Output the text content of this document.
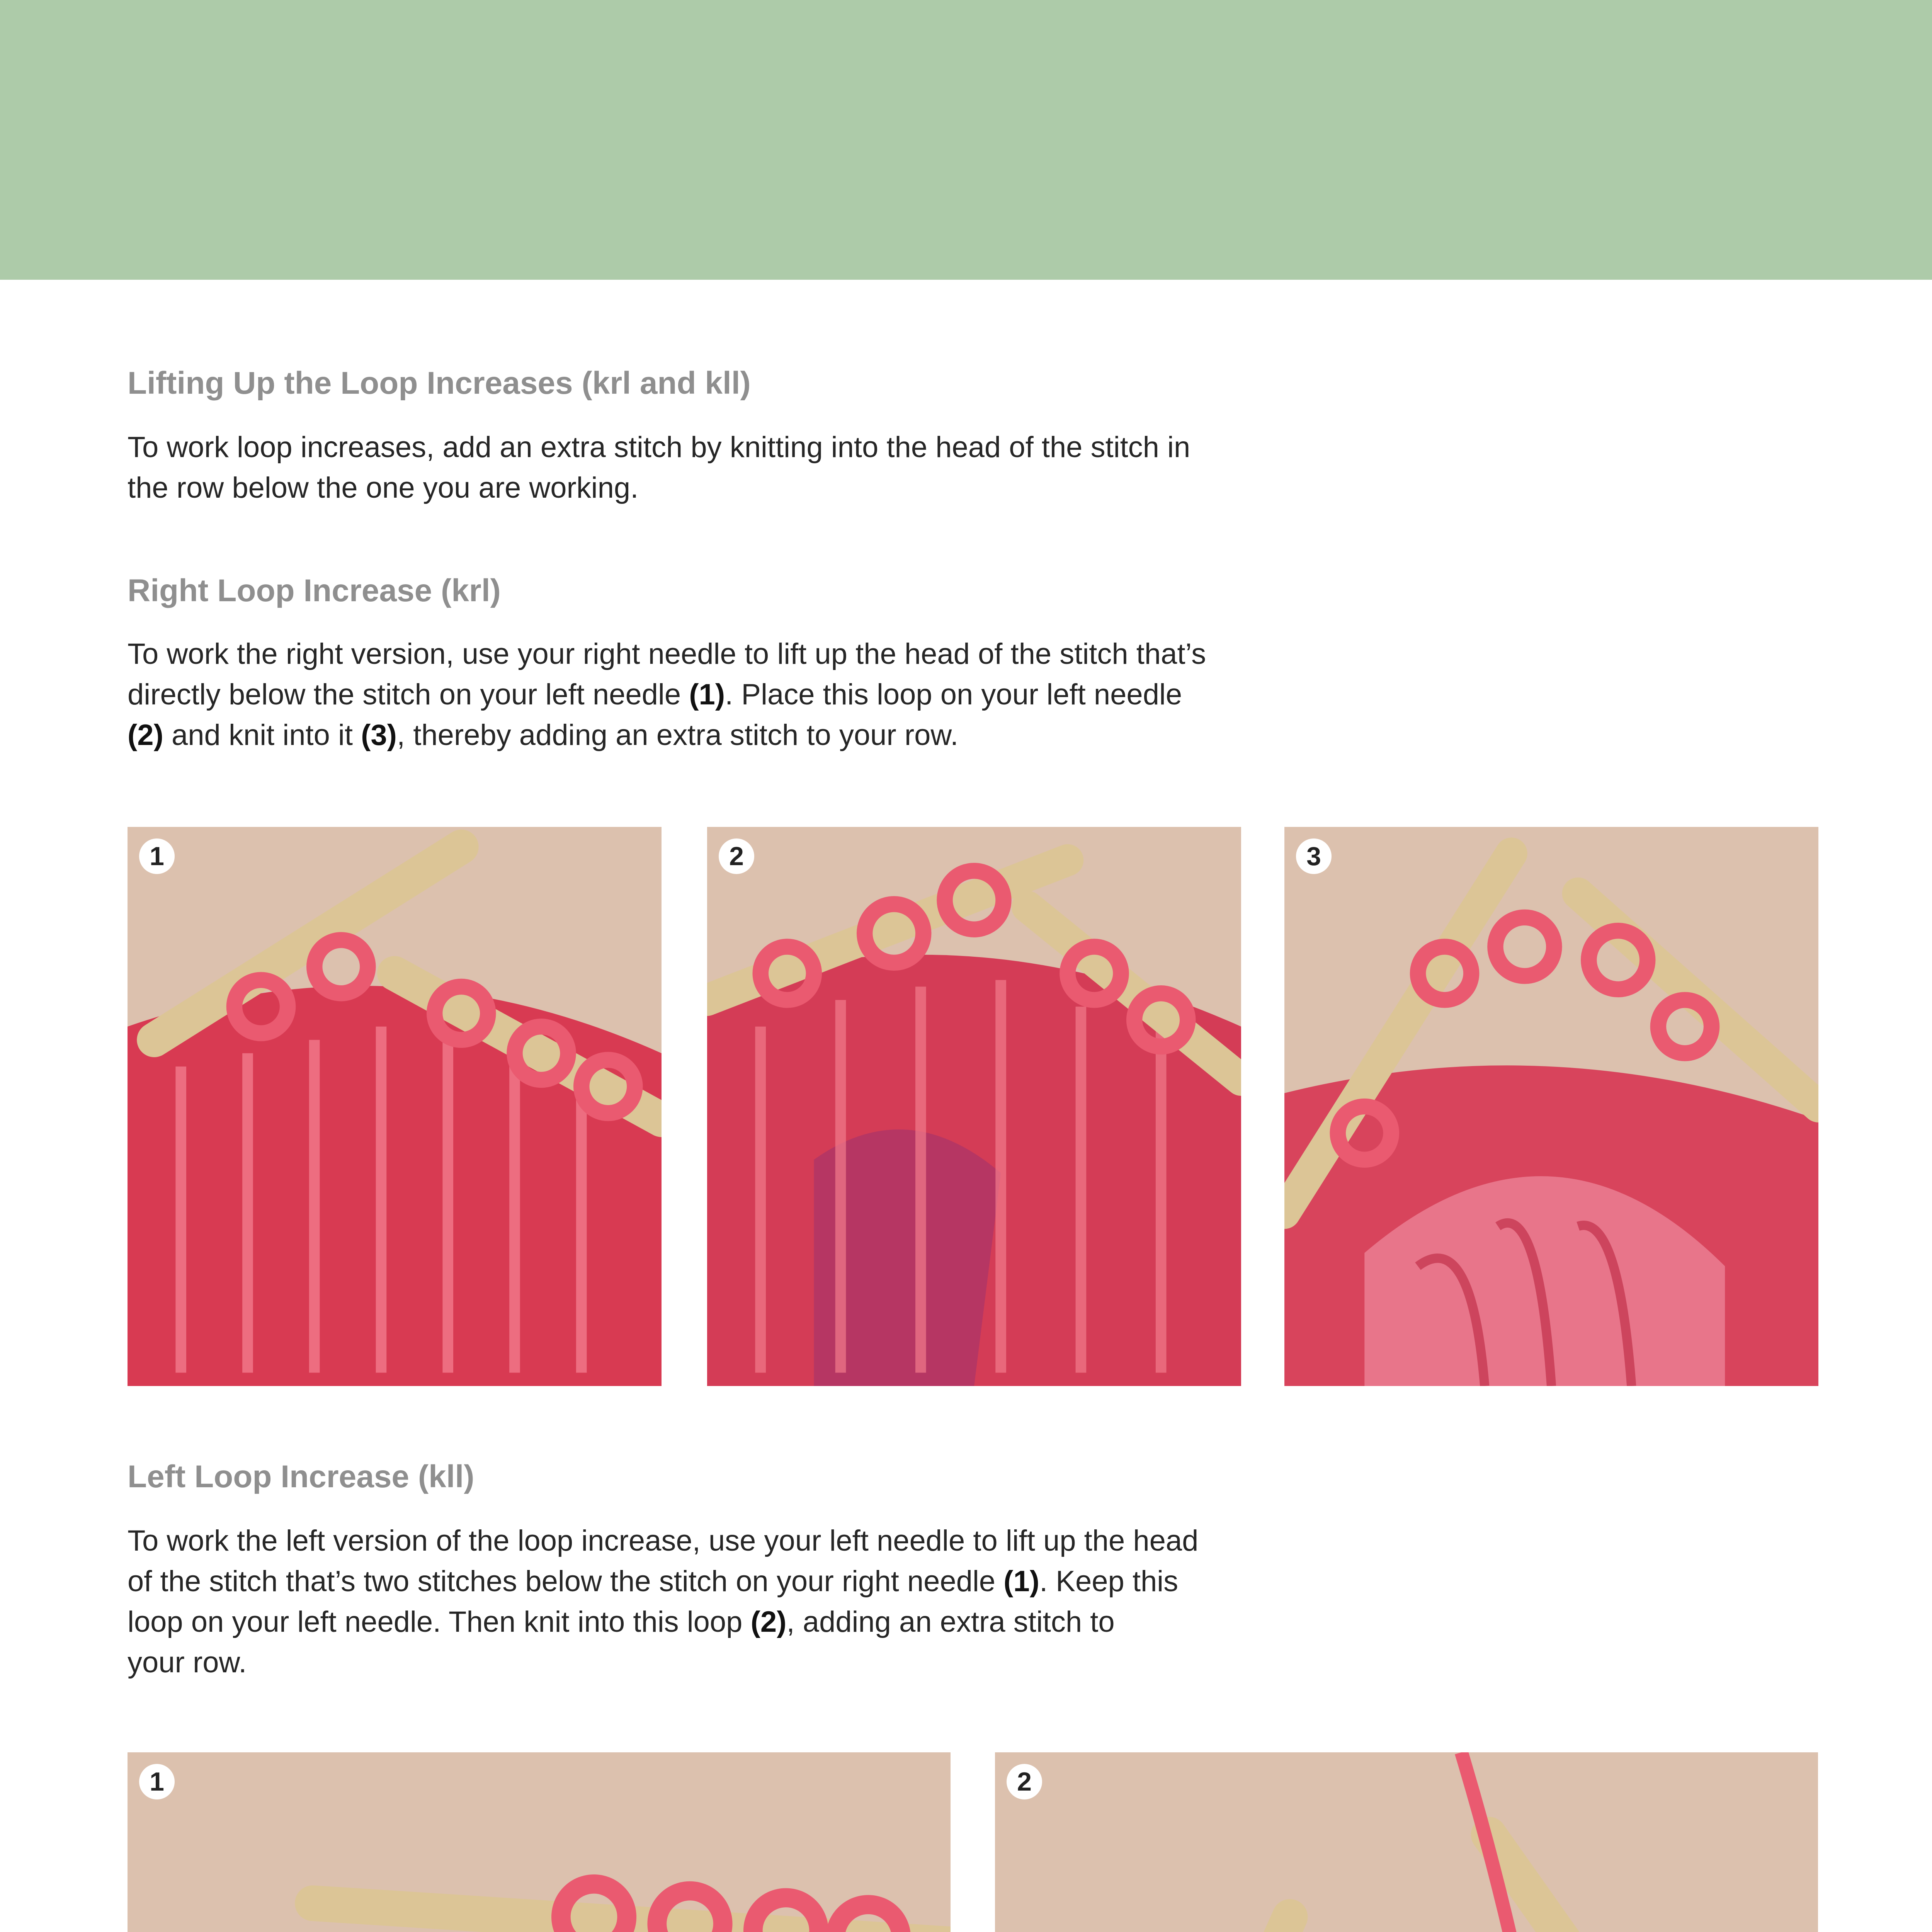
Lifting Up the Loop Increases (krl and kll)

To work loop increases, add an extra stitch by knitting into the head of the stitch in
the row below the one you are working.

Right Loop Increase (krl)

To work the right version, use your right needle to lift up the head of the stitch that’s
directly below the stitch on your left needle (1). Place this loop on your left needle
(2) and knit into it (3), thereby adding an extra stitch to your row.

1	2	3
Left Loop Increase (kll)

To work the left version of the loop increase, use your left needle to lift up the head
of the stitch that’s two stitches below the stitch on your right needle (1). Keep this
loop on your left needle. Then knit into this loop (2), adding an extra stitch to
your row.

1	2
